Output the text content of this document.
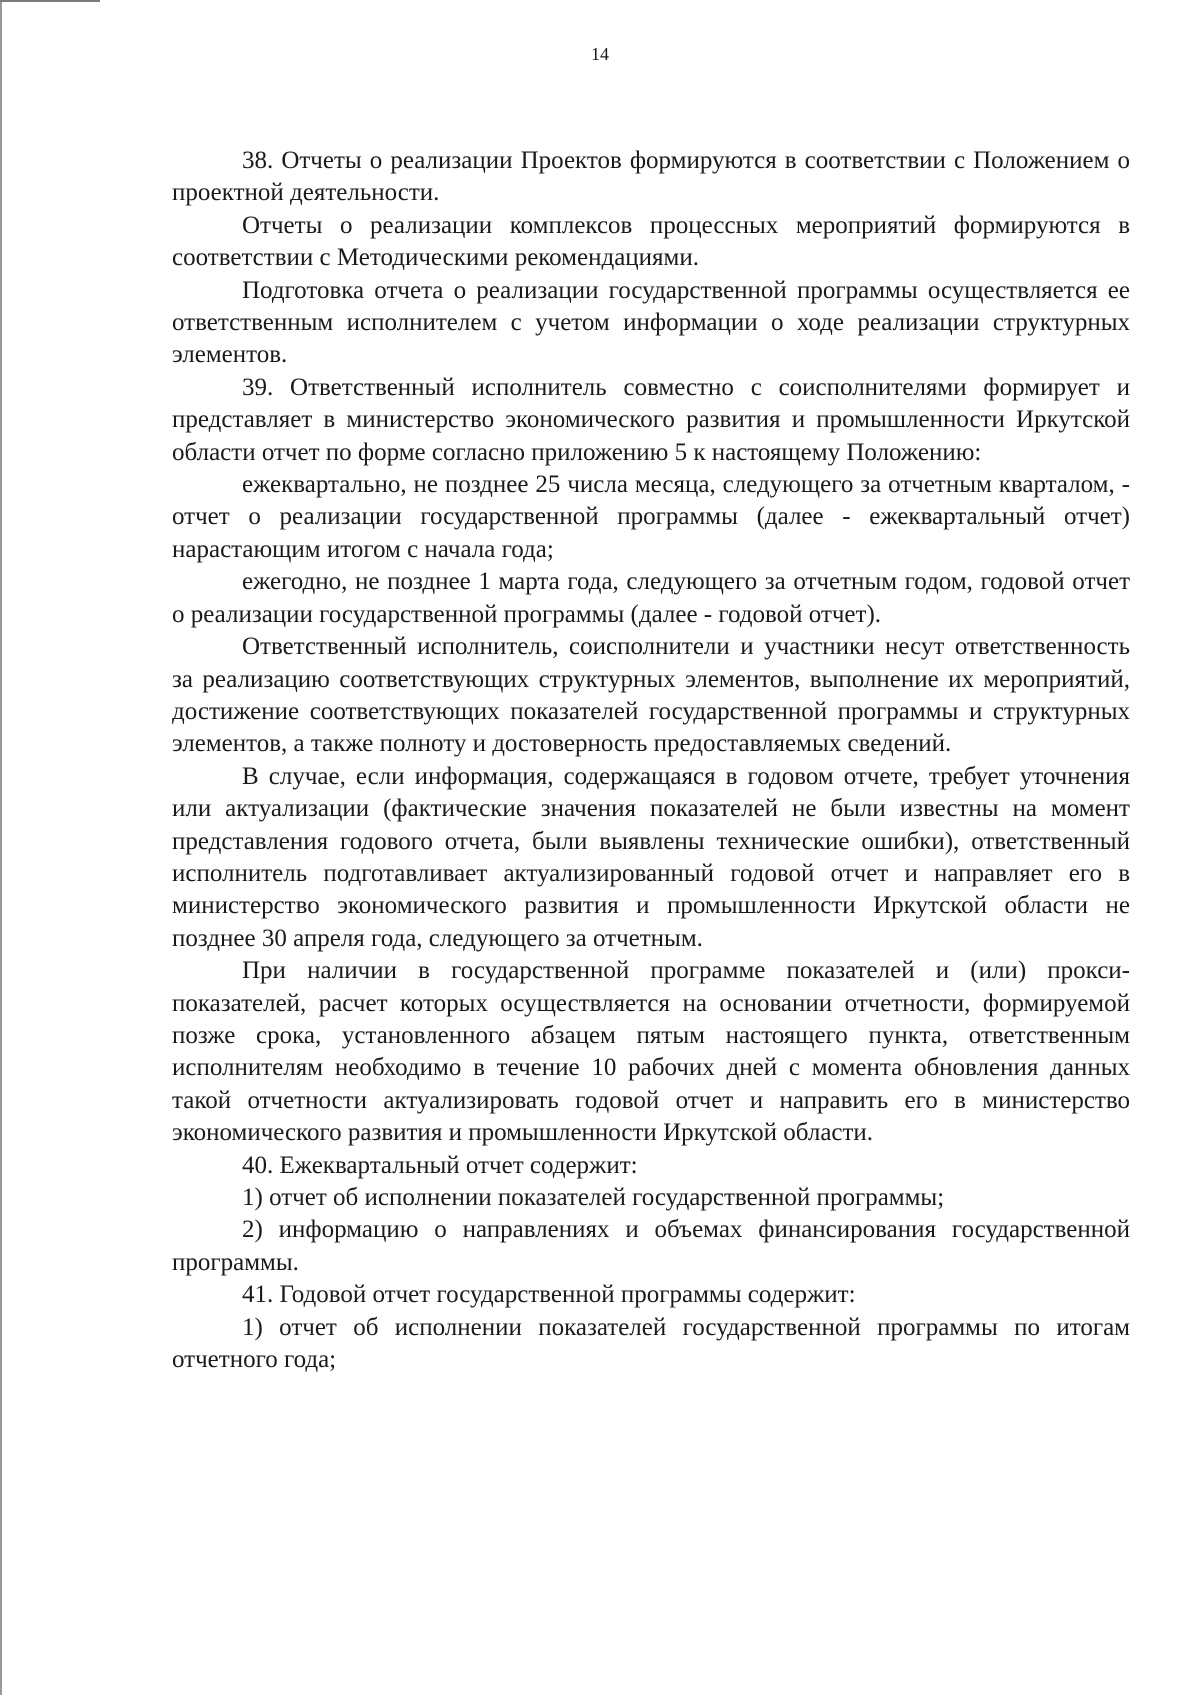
14

38. Отчеты о реализации Проектов формируются в соответствии с Положением о проектной деятельности.

Отчеты о реализации комплексов процессных мероприятий формируются в соответствии с Методическими рекомендациями.

Подготовка отчета о реализации государственной программы осуществляется ее ответственным исполнителем с учетом информации о ходе реализации структурных элементов.

39. Ответственный исполнитель совместно с соисполнителями формирует и представляет в министерство экономического развития и промышленности Иркутской области отчет по форме согласно приложению 5 к настоящему Положению:

ежеквартально, не позднее 25 числа месяца, следующего за отчетным кварталом, - отчет о реализации государственной программы (далее - ежеквартальный отчет) нарастающим итогом с начала года;

ежегодно, не позднее 1 марта года, следующего за отчетным годом, годовой отчет о реализации государственной программы (далее - годовой отчет).

Ответственный исполнитель, соисполнители и участники несут ответственность за реализацию соответствующих структурных элементов, выполнение их мероприятий, достижение соответствующих показателей государственной программы и структурных элементов, а также полноту и достоверность предоставляемых сведений.

В случае, если информация, содержащаяся в годовом отчете, требует уточнения или актуализации (фактические значения показателей не были известны на момент представления годового отчета, были выявлены технические ошибки), ответственный исполнитель подготавливает актуализированный годовой отчет и направляет его в министерство экономического развития и промышленности Иркутской области не позднее 30 апреля года, следующего за отчетным.

При наличии в государственной программе показателей и (или) прокси-показателей, расчет которых осуществляется на основании отчетности, формируемой позже срока, установленного абзацем пятым настоящего пункта, ответственным исполнителям необходимо в течение 10 рабочих дней с момента обновления данных такой отчетности актуализировать годовой отчет и направить его в министерство экономического развития и промышленности Иркутской области.

40. Ежеквартальный отчет содержит:

1) отчет об исполнении показателей государственной программы;

2) информацию о направлениях и объемах финансирования государственной программы.

41. Годовой отчет государственной программы содержит:

1) отчет об исполнении показателей государственной программы по итогам отчетного года;
